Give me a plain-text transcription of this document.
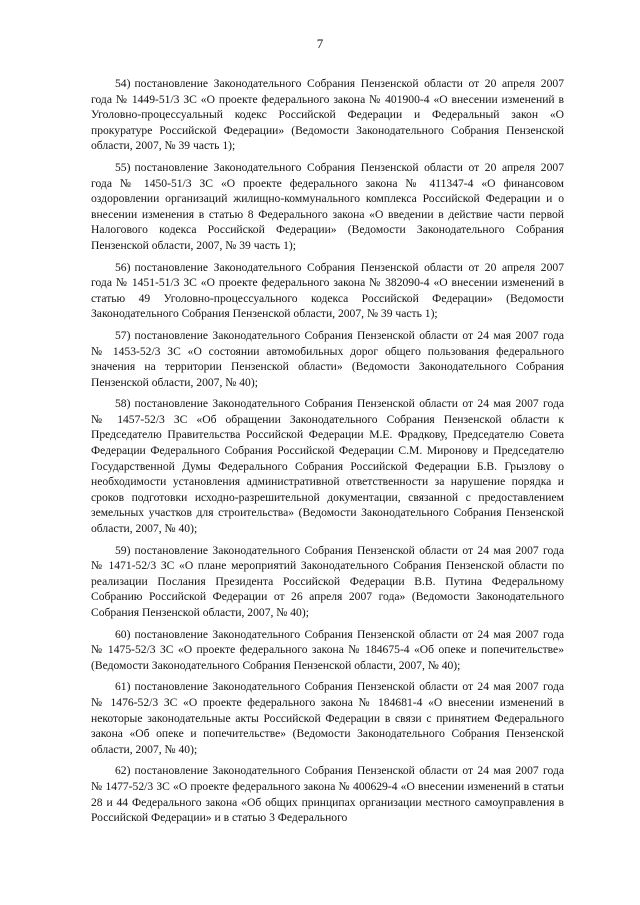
7

54) постановление Законодательного Собрания Пензенской области от 20 апреля 2007 года № 1449-51/3 ЗС «О проекте федерального закона № 401900-4 «О внесении изменений в Уголовно-процессуальный кодекс Российской Федерации и Федеральный закон «О прокуратуре Российской Федерации» (Ведомости Законодательного Собрания Пензенской области, 2007, № 39 часть 1);

55) постановление Законодательного Собрания Пензенской области от 20 апреля 2007 года № 1450-51/3 ЗС «О проекте федерального закона № 411347-4 «О финансовом оздоровлении организаций жилищно-коммунального комплекса Российской Федерации и о внесении изменения в статью 8 Федерального закона «О введении в действие части первой Налогового кодекса Российской Федерации» (Ведомости Законодательного Собрания Пензенской области, 2007, № 39 часть 1);

56) постановление Законодательного Собрания Пензенской области от 20 апреля 2007 года № 1451-51/3 ЗС «О проекте федерального закона № 382090-4 «О внесении изменений в статью 49 Уголовно-процессуального кодекса Российской Федерации» (Ведомости Законодательного Собрания Пензенской области, 2007, № 39 часть 1);

57) постановление Законодательного Собрания Пензенской области от 24 мая 2007 года № 1453-52/3 ЗС «О состоянии автомобильных дорог общего пользования федерального значения на территории Пензенской области» (Ведомости Законодательного Собрания Пензенской области, 2007, № 40);

58) постановление Законодательного Собрания Пензенской области от 24 мая 2007 года № 1457-52/3 ЗС «Об обращении Законодательного Собрания Пензенской области к Председателю Правительства Российской Федерации М.Е. Фрадкову, Председателю Совета Федерации Федерального Собрания Российской Федерации С.М. Миронову и Председателю Государственной Думы Федерального Собрания Российской Федерации Б.В. Грызлову о необходимости установления административной ответственности за нарушение порядка и сроков подготовки исходно-разрешительной документации, связанной с предоставлением земельных участков для строительства» (Ведомости Законодательного Собрания Пензенской области, 2007, № 40);

59) постановление Законодательного Собрания Пензенской области от 24 мая 2007 года № 1471-52/3 ЗС «О плане мероприятий Законодательного Собрания Пензенской области по реализации Послания Президента Российской Федерации В.В. Путина Федеральному Собранию Российской Федерации от 26 апреля 2007 года» (Ведомости Законодательного Собрания Пензенской области, 2007, № 40);

60) постановление Законодательного Собрания Пензенской области от 24 мая 2007 года № 1475-52/3 ЗС «О проекте федерального закона № 184675-4 «Об опеке и попечительстве» (Ведомости Законодательного Собрания Пензенской области, 2007, № 40);

61) постановление Законодательного Собрания Пензенской области от 24 мая 2007 года № 1476-52/3 ЗС «О проекте федерального закона № 184681-4 «О внесении изменений в некоторые законодательные акты Российской Федерации в связи с принятием Федерального закона «Об опеке и попечительстве» (Ведомости Законодательного Собрания Пензенской области, 2007, № 40);

62) постановление Законодательного Собрания Пензенской области от 24 мая 2007 года № 1477-52/3 ЗС «О проекте федерального закона № 400629-4 «О внесении изменений в статьи 28 и 44 Федерального закона «Об общих принципах организации местного самоуправления в Российской Федерации» и в статью 3 Федерального
